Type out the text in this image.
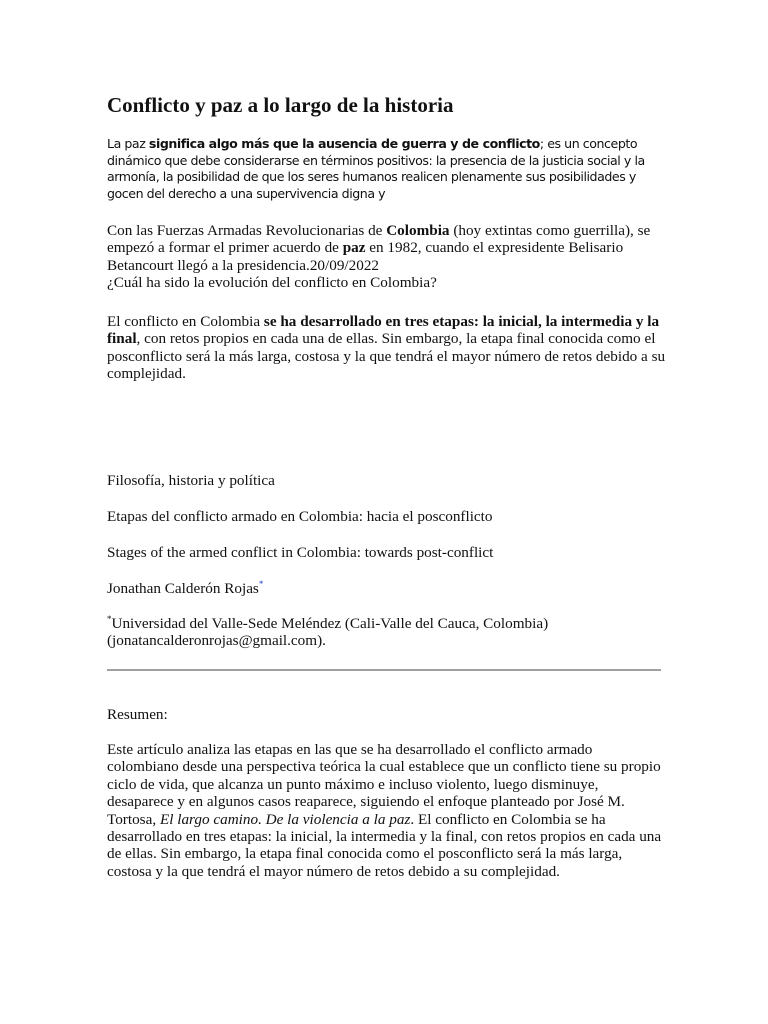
Conflicto y paz a lo largo de la historia

La paz significa algo más que la ausencia de guerra y de conflicto; es un concepto dinámico que debe considerarse en términos positivos: la presencia de la justicia social y la armonía, la posibilidad de que los seres humanos realicen plenamente sus posibilidades y gocen del derecho a una supervivencia digna y

Con las Fuerzas Armadas Revolucionarias de Colombia (hoy extintas como guerrilla), se empezó a formar el primer acuerdo de paz en 1982, cuando el expresidente Belisario Betancourt llegó a la presidencia.20/09/2022
¿Cuál ha sido la evolución del conflicto en Colombia?

El conflicto en Colombia se ha desarrollado en tres etapas: la inicial, la intermedia y la final, con retos propios en cada una de ellas. Sin embargo, la etapa final conocida como el posconflicto será la más larga, costosa y la que tendrá el mayor número de retos debido a su complejidad.

Filosofía, historia y política

Etapas del conflicto armado en Colombia: hacia el posconflicto

Stages of the armed conflict in Colombia: towards post-conflict

Jonathan Calderón Rojas*

*Universidad del Valle-Sede Meléndez (Cali-Valle del Cauca, Colombia)
(jonatancalderonrojas@gmail.com).

Resumen:

Este artículo analiza las etapas en las que se ha desarrollado el conflicto armado colombiano desde una perspectiva teórica la cual establece que un conflicto tiene su propio ciclo de vida, que alcanza un punto máximo e incluso violento, luego disminuye, desaparece y en algunos casos reaparece, siguiendo el enfoque planteado por José M. Tortosa, El largo camino. De la violencia a la paz. El conflicto en Colombia se ha desarrollado en tres etapas: la inicial, la intermedia y la final, con retos propios en cada una de ellas. Sin embargo, la etapa final conocida como el posconflicto será la más larga, costosa y la que tendrá el mayor número de retos debido a su complejidad.
